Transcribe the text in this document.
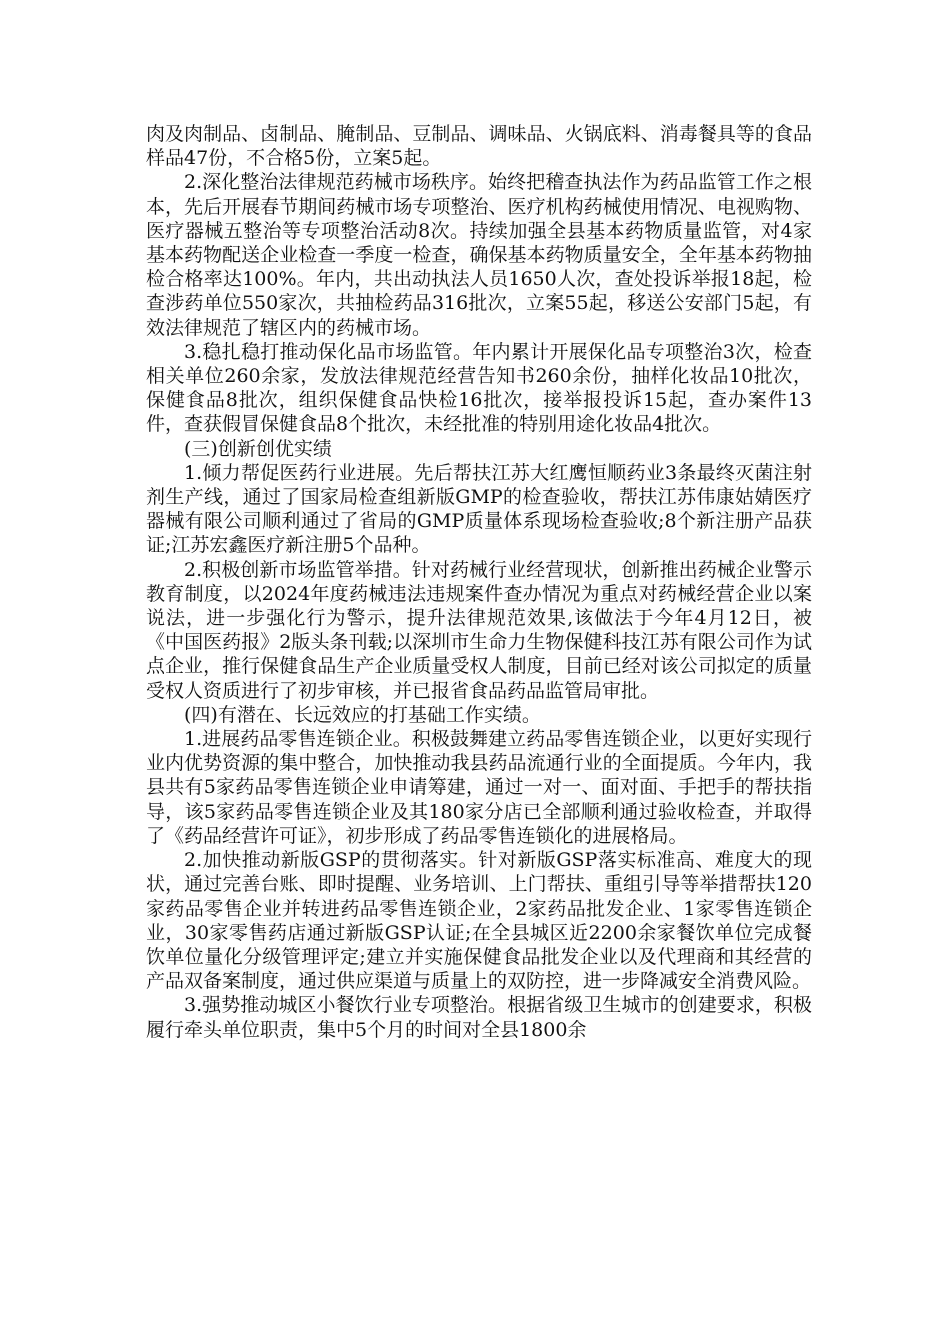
肉及肉制品、卤制品、腌制品、豆制品、调味品、火锅底料、消毒餐具等的食品样品47份，不合格5份，立案5起。

2.深化整治法律规范药械市场秩序。始终把稽查执法作为药品监管工作之根本，先后开展春节期间药械市场专项整治、医疗机构药械使用情况、电视购物、医疗器械五整治等专项整治活动8次。持续加强全县基本药物质量监管，对4家基本药物配送企业检查一季度一检查，确保基本药物质量安全，全年基本药物抽检合格率达100%。年内，共出动执法人员1650人次，查处投诉举报18起，检查涉药单位550家次，共抽检药品316批次，立案55起，移送公安部门5起，有效法律规范了辖区内的药械市场。

3.稳扎稳打推动保化品市场监管。年内累计开展保化品专项整治3次，检查相关单位260余家，发放法律规范经营告知书260余份，抽样化妆品10批次，保健食品8批次，组织保健食品快检16批次，接举报投诉15起，查办案件13件，查获假冒保健食品8个批次，未经批准的特别用途化妆品4批次。

(三)创新创优实绩

1.倾力帮促医药行业进展。先后帮扶江苏大红鹰恒顺药业3条最终灭菌注射剂生产线，通过了国家局检查组新版GMP的检查验收，帮扶江苏伟康姑婧医疗器械有限公司顺利通过了省局的GMP质量体系现场检查验收;8个新注册产品获证;江苏宏鑫医疗新注册5个品种。

2.积极创新市场监管举措。针对药械行业经营现状，创新推出药械企业警示教育制度，以2024年度药械违法违规案件查办情况为重点对药械经营企业以案说法，进一步强化行为警示，提升法律规范效果,该做法于今年4月12日，被《中国医药报》2版头条刊载;以深圳市生命力生物保健科技江苏有限公司作为试点企业，推行保健食品生产企业质量受权人制度，目前已经对该公司拟定的质量受权人资质进行了初步审核，并已报省食品药品监管局审批。

(四)有潜在、长远效应的打基础工作实绩。

1.进展药品零售连锁企业。积极鼓舞建立药品零售连锁企业，以更好实现行业内优势资源的集中整合，加快推动我县药品流通行业的全面提质。今年内，我县共有5家药品零售连锁企业申请筹建，通过一对一、面对面、手把手的帮扶指导，该5家药品零售连锁企业及其180家分店已全部顺利通过验收检查，并取得了《药品经营许可证》，初步形成了药品零售连锁化的进展格局。

2.加快推动新版GSP的贯彻落实。针对新版GSP落实标准高、难度大的现状，通过完善台账、即时提醒、业务培训、上门帮扶、重组引导等举措帮扶120家药品零售企业并转进药品零售连锁企业，2家药品批发企业、1家零售连锁企业，30家零售药店通过新版GSP认证;在全县城区近2200余家餐饮单位完成餐饮单位量化分级管理评定;建立并实施保健食品批发企业以及代理商和其经营的产品双备案制度，通过供应渠道与质量上的双防控，进一步降减安全消费风险。

3.强势推动城区小餐饮行业专项整治。根据省级卫生城市的创建要求，积极履行牵头单位职责，集中5个月的时间对全县1800余
